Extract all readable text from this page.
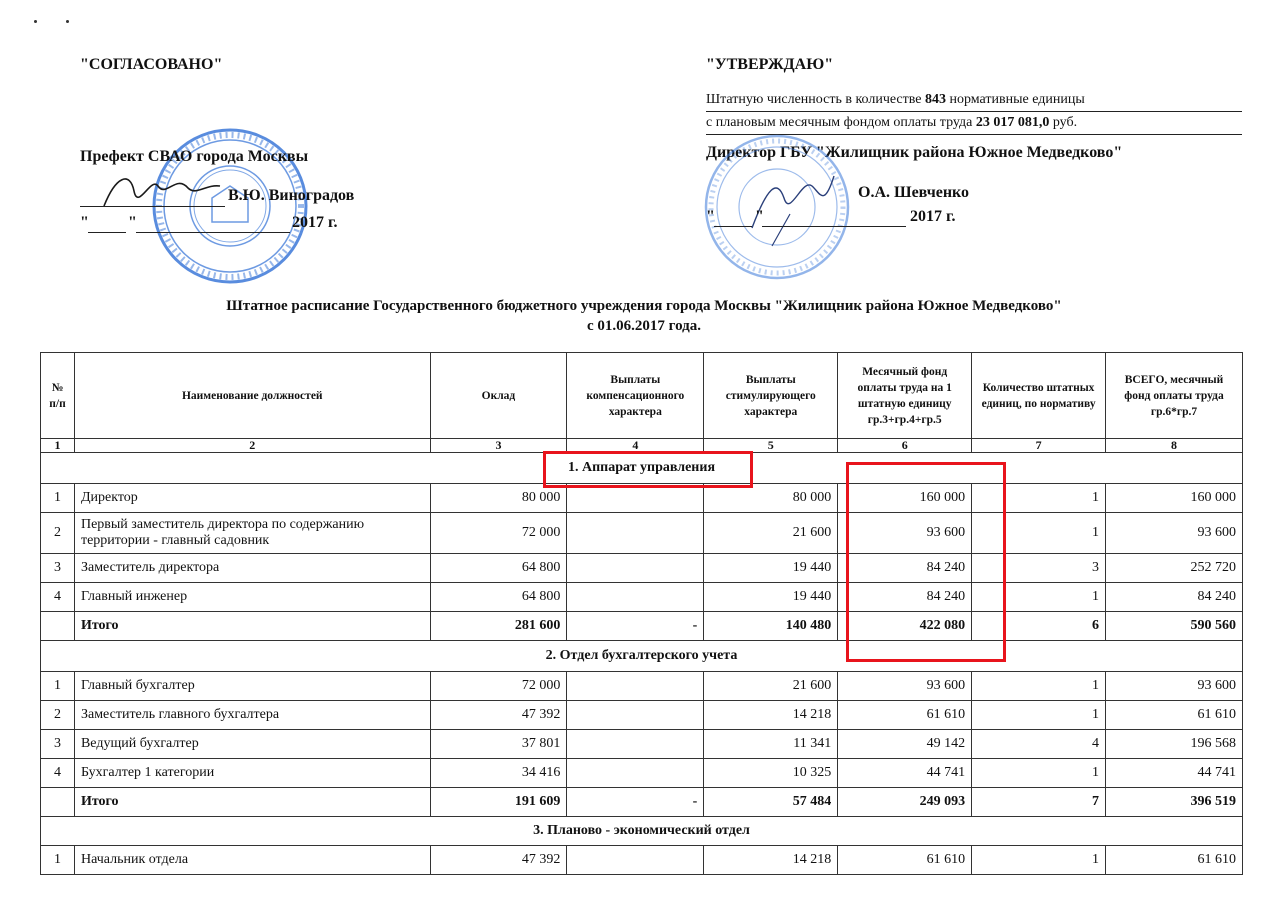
"СОГЛАСОВАНО"
Префект СВАО города Москвы
В.Ю. Виноградов
" "	2017 г.
"УТВЕРЖДАЮ"
Штатную численность в количестве 843 нормативные единицы
с плановым месячным фондом оплаты труда 23 017 081,0 руб.
Директор ГБУ "Жилищник района Южное Медведково"
О.А. Шевченко
"	"	2017 г.
Штатное расписание Государственного бюджетного учреждения города Москвы "Жилищник района Южное Медведково"
с 01.06.2017 года.
№ п/п	Наименование должностей	Оклад	Выплаты компенсационного характера	Выплаты стимулирующего характера	Месячный фонд оплаты труда на 1 штатную единицу гр.3+гр.4+гр.5	Количество штатных единиц, по нормативу	ВСЕГО, месячный фонд оплаты труда гр.6*гр.7
1	2	3	4	5	6	7	8
1. Аппарат управления							
1	Директор	80 000		80 000	160 000	1	160 000
2	Первый заместитель директора по содержанию территории - главный садовник	72 000		21 600	93 600	1	93 600
3	Заместитель директора	64 800		19 440	84 240	3	252 720
4	Главный инженер	64 800		19 440	84 240	1	84 240
	Итого	281 600	-	140 480	422 080	6	590 560
2. Отдел бухгалтерского учета							
1	Главный бухгалтер	72 000		21 600	93 600	1	93 600
2	Заместитель главного бухгалтера	47 392		14 218	61 610	1	61 610
3	Ведущий бухгалтер	37 801		11 341	49 142	4	196 568
4	Бухгалтер 1 категории	34 416		10 325	44 741	1	44 741
	Итого	191 609	-	57 484	249 093	7	396 519
3. Планово - экономический отдел							
1	Начальник отдела	47 392		14 218	61 610	1	61 610
